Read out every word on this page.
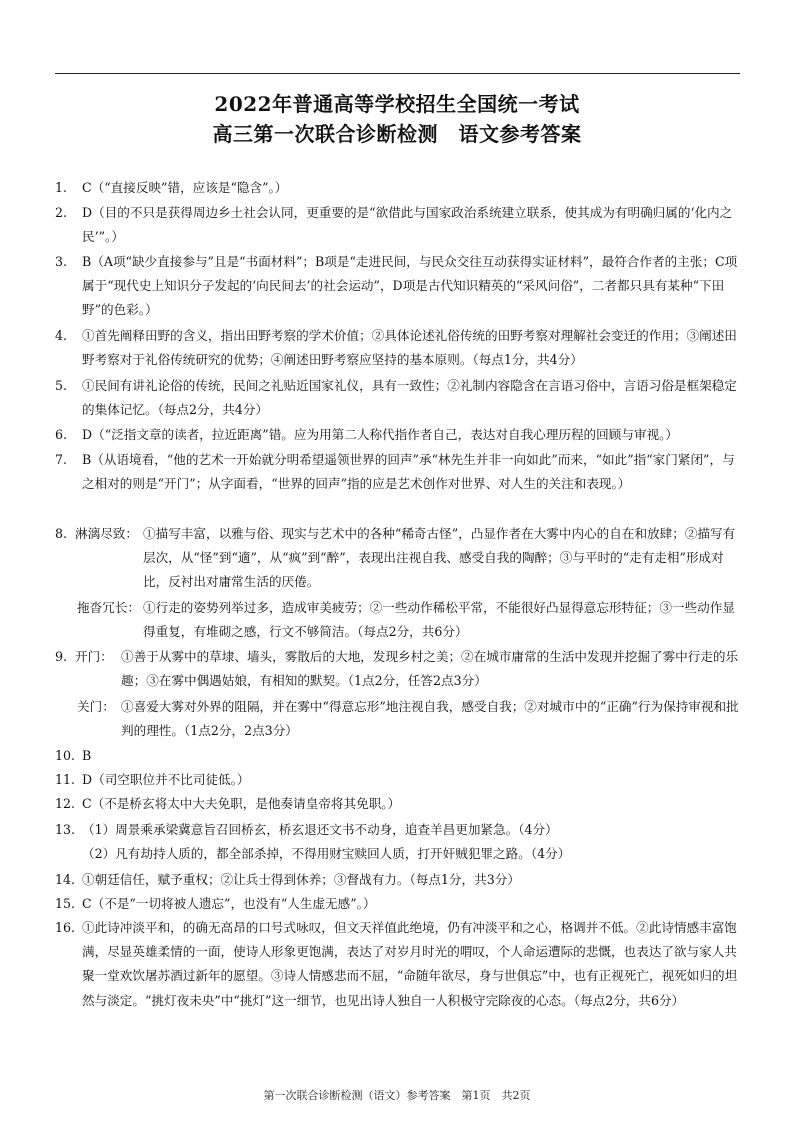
2022年普通高等学校招生全国统一考试
高三第一次联合诊断检测　语文参考答案
1. C（“直接反映”错，应该是“隐含”。）
2. D（目的不只是获得周边乡土社会认同，更重要的是“欲借此与国家政治系统建立联系，使其成为有明确归属的‘化内之民’”。）
3. B（A项“缺少直接参与”且是“书面材料”；B项是“走进民间，与民众交往互动获得实证材料”，最符合作者的主张；C项属于“现代史上知识分子发起的‘向民间去’的社会运动”，D项是古代知识精英的“采风问俗”，二者都只具有某种“下田野”的色彩。）
4. ①首先阐释田野的含义，指出田野考察的学术价值；②具体论述礼俗传统的田野考察对理解社会变迁的作用；③阐述田野考察对于礼俗传统研究的优势；④阐述田野考察应坚持的基本原则。（每点1分，共4分）
5. ①民间有讲礼论俗的传统，民间之礼贴近国家礼仪，具有一致性；②礼制内容隐含在言语习俗中，言语习俗是框架稳定的集体记忆。（每点2分，共4分）
6. D（“泛指文章的读者，拉近距离”错。应为用第二人称代指作者自己，表达对自我心理历程的回顾与审视。）
7. B（从语境看，“他的艺术一开始就分明希望遥领世界的回声”承“林先生并非一向如此”而来，“如此”指“家门紧闭”，与之相对的则是“开门”；从字面看，“世界的回声”指的应是艺术创作对世界、对人生的关注和表现。）
8. 淋漓尽致： ①描写丰富，以雅与俗、现实与艺术中的各种“稀奇古怪”，凸显作者在大雾中内心的自在和放肆；②描写有层次，从“怪”到“適”，从“疯”到“醉”，表现出注视自我、感受自我的陶醉；③与平时的“走有走相”形成对比，反衬出对庸常生活的厌倦。
拖沓冗长： ①行走的姿势列举过多，造成审美疲劳；②一些动作稀松平常，不能很好凸显得意忘形特征；③一些动作显得重复，有堆砌之感，行文不够简洁。（每点2分，共6分）
9. 开门： ①善于从雾中的草埭、墙头，雾散后的大地，发现乡村之美；②在城市庸常的生活中发现并挖掘了雾中行走的乐趣；③在雾中偶遇姑娘，有相知的默契。（1点2分，任答2点3分）
关门： ①喜爱大雾对外界的阻隔，并在雾中“得意忘形”地注视自我，感受自我；②对城市中的“正确”行为保持审视和批判的理性。（1点2分，2点3分）
10. B
11. D（司空职位并不比司徒低。）
12. C（不是桥玄将太中大夫免职，是他奏请皇帝将其免职。）
13. （1）周景乘承梁冀意旨召回桥玄，桥玄退还文书不动身，追查羊昌更加紧急。（4分）
（2）凡有劫持人质的，都全部杀掉，不得用财宝赎回人质，打开奸贼犯罪之路。（4分）
14. ①朝廷信任，赋予重权；②让兵士得到休养；③督战有力。（每点1分，共3分）
15. C（不是“一切将被人遗忘”，也没有“人生虚无感”。）
16. ①此诗冲淡平和，的确无高昂的口号式咏叹，但文天祥值此绝境，仍有冲淡平和之心，格调并不低。②此诗情感丰富饱满，尽显英雄柔情的一面，使诗人形象更饱满，表达了对岁月时光的喟叹，个人命运遭际的悲慨，也表达了欲与家人共聚一堂欢饮屠苏酒过新年的愿望。③诗人情感悲而不屈，“命随年欲尽，身与世俱忘”中，也有正视死亡，视死如归的坦然与淡定。“挑灯夜未央”中“挑灯”这一细节，也见出诗人独自一人积极守完除夜的心态。（每点2分，共6分）
第一次联合诊断检测（语文）参考答案　第1页　共2页
